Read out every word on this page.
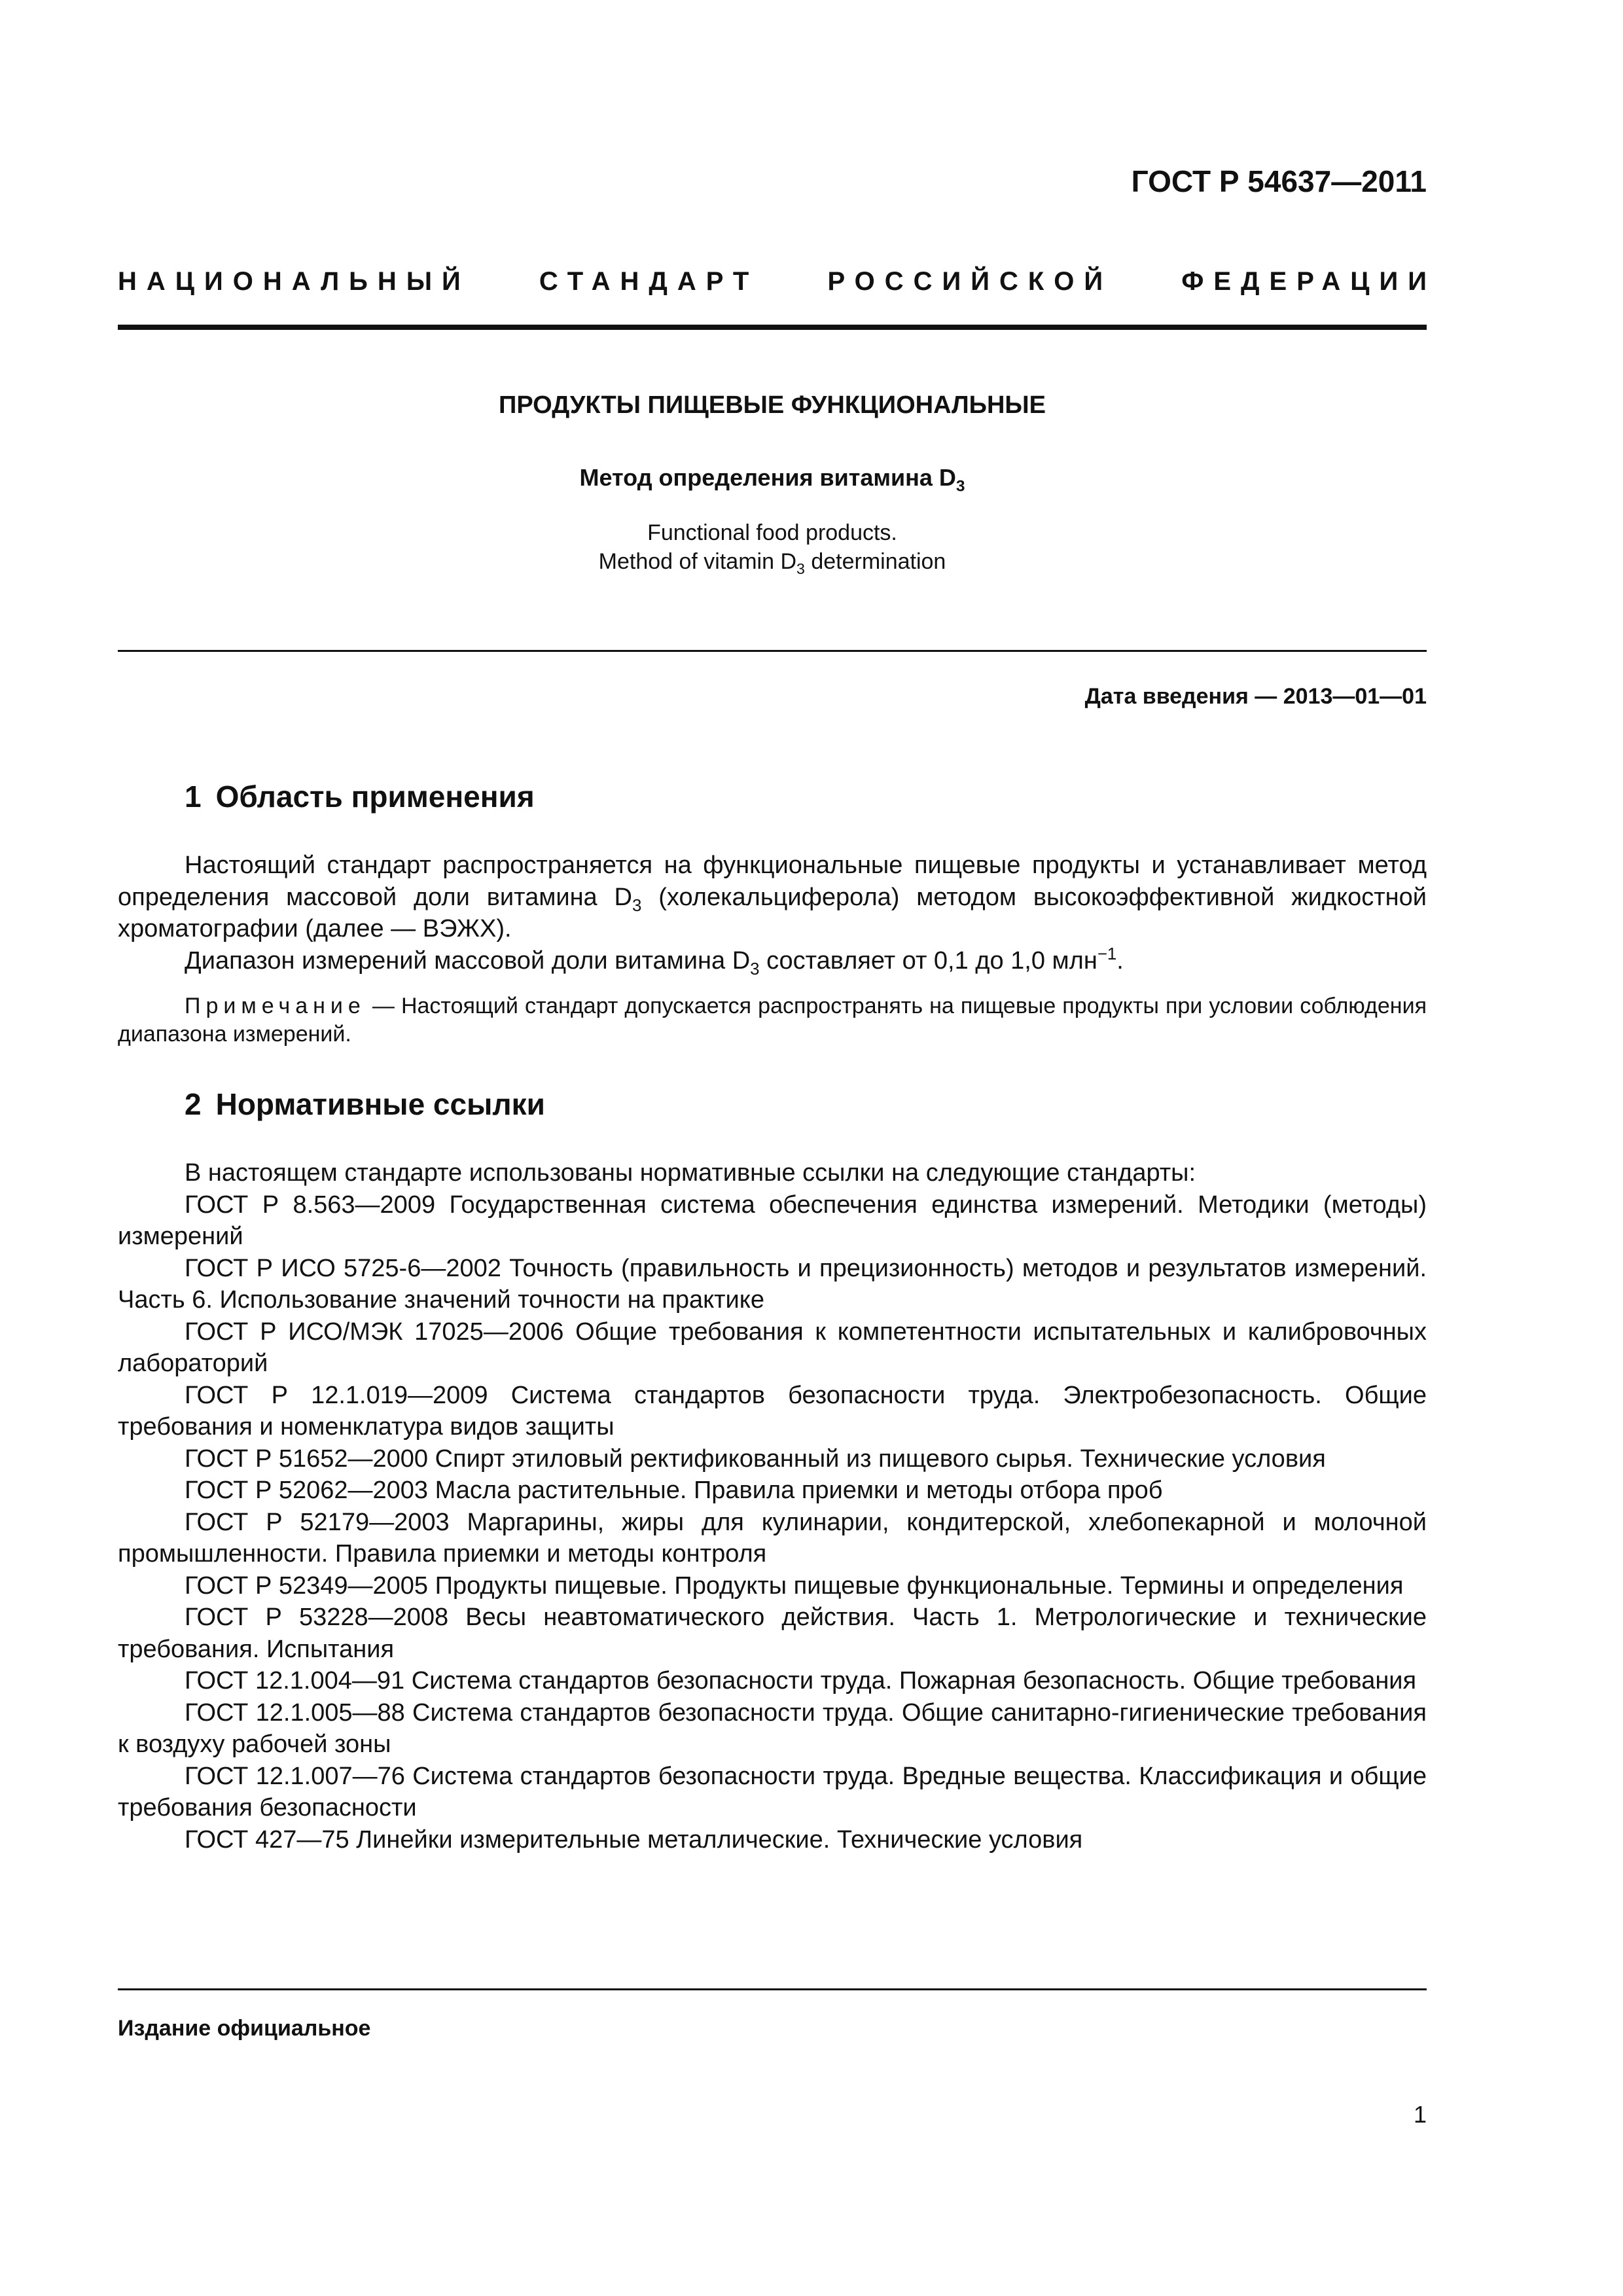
ГОСТ Р 54637—2011
НАЦИОНАЛЬНЫЙ	СТАНДАРТ	РОССИЙСКОЙ	ФЕДЕРАЦИИ
ПРОДУКТЫ ПИЩЕВЫЕ ФУНКЦИОНАЛЬНЫЕ
Метод определения витамина $D_3$
Functional food products.
Method of vitamin $D_3$ determination
Дата введения — 2013—01—01
1 Область применения

Настоящий стандарт распространяется на функциональные пищевые продукты и устанавливает метод определения массовой доли витамина $D_3$ (холекальциферола) методом высокоэффективной жидкостной хроматографии (далее — ВЭЖХ).

Диапазон измерений массовой доли витамина $D_3$ составляет от 0,1 до 1,0 млн$^{-1}$.

Примечание — Настоящий стандарт допускается распространять на пищевые продукты при условии соблюдения диапазона измерений.
2 Нормативные ссылки

В настоящем стандарте использованы нормативные ссылки на следующие стандарты:

ГОСТ Р 8.563—2009 Государственная система обеспечения единства измерений. Методики (методы) измерений

ГОСТ Р ИСО 5725-6—2002 Точность (правильность и прецизионность) методов и результатов измерений. Часть 6. Использование значений точности на практике

ГОСТ Р ИСО/МЭК 17025—2006 Общие требования к компетентности испытательных и калибровочных лабораторий

ГОСТ Р 12.1.019—2009 Система стандартов безопасности труда. Электробезопасность. Общие требования и номенклатура видов защиты

ГОСТ Р 51652—2000 Спирт этиловый ректификованный из пищевого сырья. Технические условия

ГОСТ Р 52062—2003 Масла растительные. Правила приемки и методы отбора проб

ГОСТ Р 52179—2003 Маргарины, жиры для кулинарии, кондитерской, хлебопекарной и молочной промышленности. Правила приемки и методы контроля

ГОСТ Р 52349—2005 Продукты пищевые. Продукты пищевые функциональные. Термины и определения

ГОСТ Р 53228—2008 Весы неавтоматического действия. Часть 1. Метрологические и технические требования. Испытания

ГОСТ 12.1.004—91 Система стандартов безопасности труда. Пожарная безопасность. Общие требования

ГОСТ 12.1.005—88 Система стандартов безопасности труда. Общие санитарно-гигиенические требования к воздуху рабочей зоны

ГОСТ 12.1.007—76 Система стандартов безопасности труда. Вредные вещества. Классификация и общие требования безопасности

ГОСТ 427—75 Линейки измерительные металлические. Технические условия

Издание официальное
1
